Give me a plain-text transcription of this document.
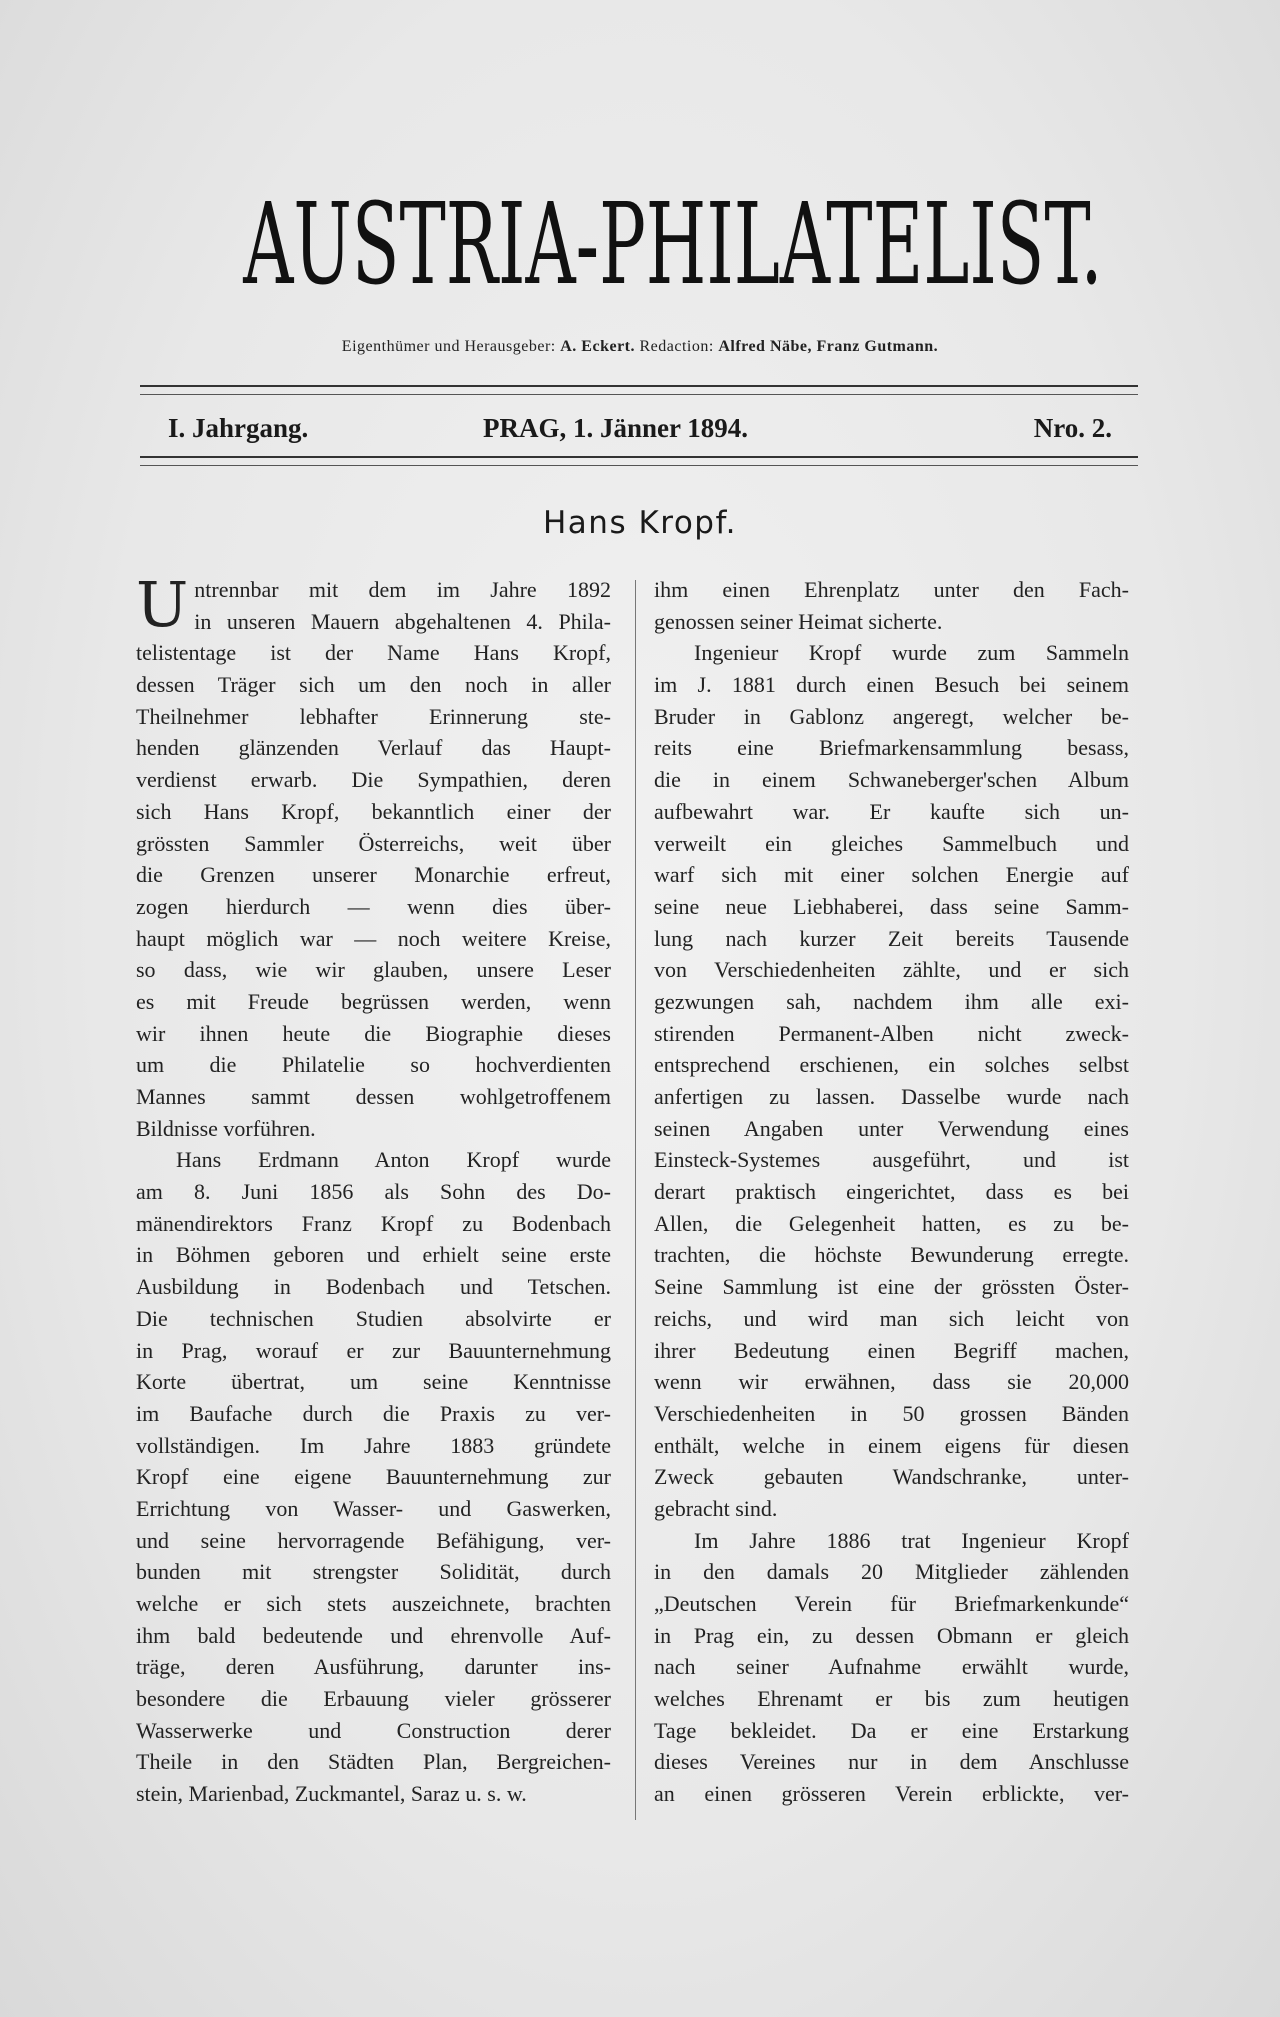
AUSTRIA-PHILATELIST.
Eigenthümer und Herausgeber: A. Eckert. Redaction: Alfred Näbe, Franz Gutmann.
I. Jahrgang.	PRAG, 1. Jänner 1894.	Nro. 2.
Hans Kropf.
U ntrennbar mit dem im Jahre 1892
in unseren Mauern abgehaltenen 4. Phila-
telistentage ist der Name Hans Kropf,
dessen Träger sich um den noch in aller
Theilnehmer lebhafter Erinnerung ste-
henden glänzenden Verlauf das Haupt-
verdienst erwarb. Die Sympathien, deren
sich Hans Kropf, bekanntlich einer der
grössten Sammler Österreichs, weit über
die Grenzen unserer Monarchie erfreut,
zogen hierdurch — wenn dies über-
haupt möglich war — noch weitere Kreise,
so dass, wie wir glauben, unsere Leser
es mit Freude begrüssen werden, wenn
wir ihnen heute die Biographie dieses
um die Philatelie so hochverdienten
Mannes sammt dessen wohlgetroffenem
Bildnisse vorführen.
Hans Erdmann Anton Kropf wurde
am 8. Juni 1856 als Sohn des Do-
mänendirektors Franz Kropf zu Bodenbach
in Böhmen geboren und erhielt seine erste
Ausbildung in Bodenbach und Tetschen.
Die technischen Studien absolvirte er
in Prag, worauf er zur Bauunternehmung
Korte übertrat, um seine Kenntnisse
im Baufache durch die Praxis zu ver-
vollständigen. Im Jahre 1883 gründete
Kropf eine eigene Bauunternehmung zur
Errichtung von Wasser- und Gaswerken,
und seine hervorragende Befähigung, ver-
bunden mit strengster Solidität, durch
welche er sich stets auszeichnete, brachten
ihm bald bedeutende und ehrenvolle Auf-
träge, deren Ausführung, darunter ins-
besondere die Erbauung vieler grösserer
Wasserwerke und Construction derer
Theile in den Städten Plan, Bergreichen-
stein, Marienbad, Zuckmantel, Saraz u. s. w.
ihm einen Ehrenplatz unter den Fach-
genossen seiner Heimat sicherte.
Ingenieur Kropf wurde zum Sammeln
im J. 1881 durch einen Besuch bei seinem
Bruder in Gablonz angeregt, welcher be-
reits eine Briefmarkensammlung besass,
die in einem Schwaneberger'schen Album
aufbewahrt war. Er kaufte sich un-
verweilt ein gleiches Sammelbuch und
warf sich mit einer solchen Energie auf
seine neue Liebhaberei, dass seine Samm-
lung nach kurzer Zeit bereits Tausende
von Verschiedenheiten zählte, und er sich
gezwungen sah, nachdem ihm alle exi-
stirenden Permanent-Alben nicht zweck-
entsprechend erschienen, ein solches selbst
anfertigen zu lassen. Dasselbe wurde nach
seinen Angaben unter Verwendung eines
Einsteck-Systemes ausgeführt, und ist
derart praktisch eingerichtet, dass es bei
Allen, die Gelegenheit hatten, es zu be-
trachten, die höchste Bewunderung erregte.
Seine Sammlung ist eine der grössten Öster-
reichs, und wird man sich leicht von
ihrer Bedeutung einen Begriff machen,
wenn wir erwähnen, dass sie 20,000
Verschiedenheiten in 50 grossen Bänden
enthält, welche in einem eigens für diesen
Zweck gebauten Wandschranke, unter-
gebracht sind.
Im Jahre 1886 trat Ingenieur Kropf
in den damals 20 Mitglieder zählenden
„Deutschen Verein für Briefmarkenkunde“
in Prag ein, zu dessen Obmann er gleich
nach seiner Aufnahme erwählt wurde,
welches Ehrenamt er bis zum heutigen
Tage bekleidet. Da er eine Erstarkung
dieses Vereines nur in dem Anschlusse
an einen grösseren Verein erblickte, ver-
